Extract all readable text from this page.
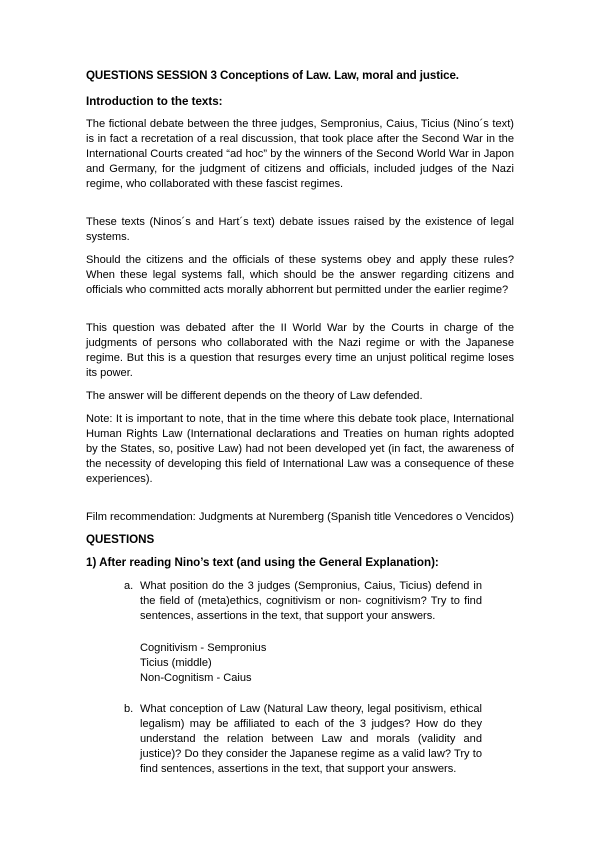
QUESTIONS SESSION 3 Conceptions of Law. Law, moral and justice.
Introduction to the texts:
The fictional debate between the three judges, Sempronius, Caius, Ticius (Nino´s text) is in fact a recretation of a real discussion, that took place after the Second War in the International Courts created “ad hoc” by the winners of the Second World War in Japon and Germany, for the judgment of citizens and officials, included judges of the Nazi regime, who collaborated with these fascist regimes.
These texts (Ninos´s and Hart´s text) debate issues raised by the existence of legal systems.
Should the citizens and the officials of these systems obey and apply these rules? When these legal systems fall, which should be the answer regarding citizens and officials who committed acts morally abhorrent but permitted under the earlier regime?
This question was debated after the II World War by the Courts in charge of the judgments of persons who collaborated with the Nazi regime or with the Japanese regime. But this is a question that resurges every time an unjust political regime loses its power.
The answer will be different depends on the theory of Law defended.
Note: It is important to note, that in the time where this debate took place, International Human Rights Law (International declarations and Treaties on human rights adopted by the States, so, positive Law) had not been developed yet (in fact, the awareness of the necessity of developing this field of International Law was a consequence of these experiences).
Film recommendation: Judgments at Nuremberg (Spanish title Vencedores o Vencidos)
QUESTIONS
1) After reading Nino’s text (and using the General Explanation):
a. What position do the 3 judges (Sempronius, Caius, Ticius) defend in the field of (meta)ethics, cognitivism or non- cognitivism? Try to find sentences, assertions in the text, that support your answers.
Cognitivism - Sempronius
Ticius (middle)
Non-Cognitism - Caius
b. What conception of Law (Natural Law theory, legal positivism, ethical legalism) may be affiliated to each of the 3 judges? How do they understand the relation between Law and morals (validity and justice)? Do they consider the Japanese regime as a valid law? Try to find sentences, assertions in the text, that support your answers.
